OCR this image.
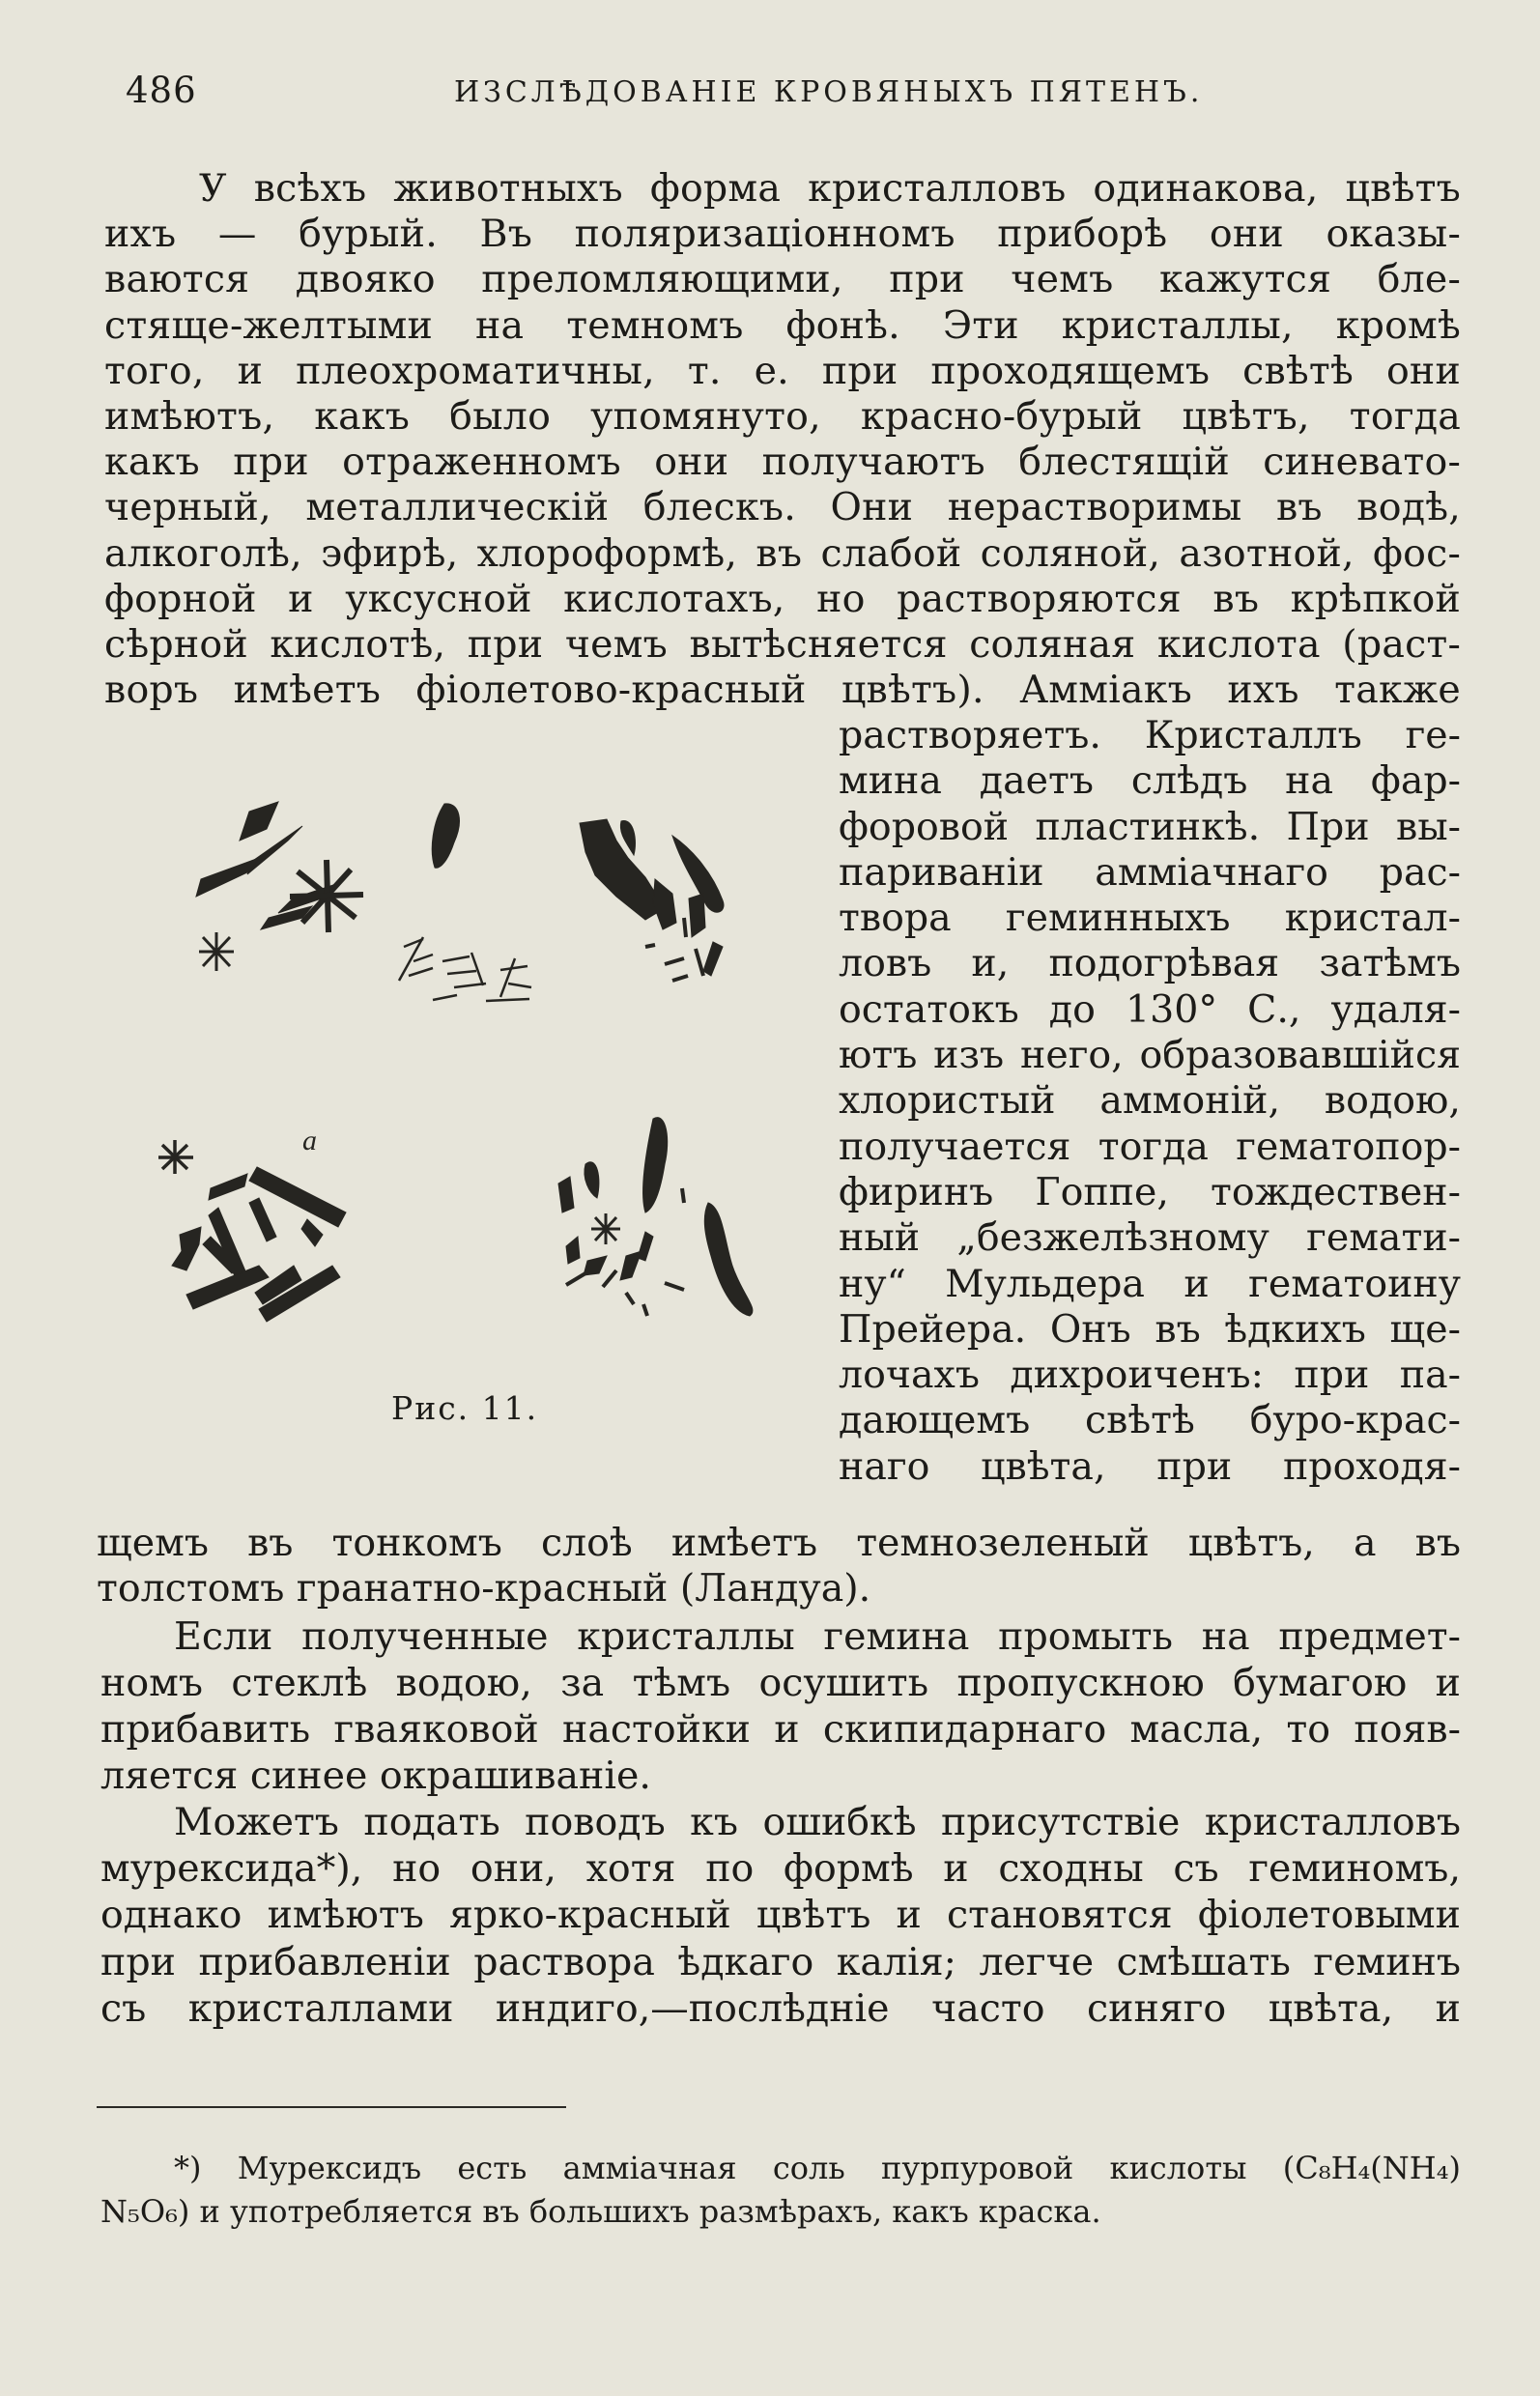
486	ИЗСЛѢДОВАНІЕ КРОВЯНЫХЪ ПЯТЕНЪ.
У всѣхъ животныхъ форма кристалловъ одинакова, цвѣтъ
ихъ — бурый. Въ поляризаціонномъ приборѣ они оказы-
ваются двояко преломляющими, при чемъ кажутся бле-
стяще-желтыми на темномъ фонѣ. Эти кристаллы, кромѣ
того, и плеохроматичны, т. е. при проходящемъ свѣтѣ они
имѣютъ, какъ было упомянуто, красно-бурый цвѣтъ, тогда
какъ при отраженномъ они получаютъ блестящій синевато-
черный, металлическій блескъ. Они нерастворимы въ водѣ,
алкоголѣ, эфирѣ, хлороформѣ, въ слабой соляной, азотной, фос-
форной и уксусной кислотахъ, но растворяются въ крѣпкой
сѣрной кислотѣ, при чемъ вытѣсняется соляная кислота (раст-
воръ имѣетъ фіолетово-красный цвѣтъ). Амміакъ ихъ также
a
Рис. 11.
растворяетъ. Кристаллъ ге-
мина даетъ слѣдъ на фар-
форовой пластинкѣ. При вы-
париваніи амміачнаго рас-
твора геминныхъ кристал-
ловъ и, подогрѣвая затѣмъ
остатокъ до 130° С., удаля-
ютъ изъ него, образовавшійся
хлористый аммоній, водою,
получается тогда гематопор-
фиринъ Гоппе, тождествен-
ный „безжелѣзному гемати-
ну“ Мульдера и гематоину
Прейера. Онъ въ ѣдкихъ ще-
лочахъ дихроиченъ: при па-
дающемъ свѣтѣ буро-крас-
наго цвѣта, при проходя-
щемъ въ тонкомъ слоѣ имѣетъ темнозеленый цвѣтъ, а въ
толстомъ гранатно-красный (Ландуа).
Если полученные кристаллы гемина промыть на предмет-
номъ стеклѣ водою, за тѣмъ осушить пропускною бумагою и
прибавить гваяковой настойки и скипидарнаго масла, то появ-
ляется синее окрашиваніе.
Можетъ подать поводъ къ ошибкѣ присутствіе кристалловъ
мурексида*), но они, хотя по формѣ и сходны съ геминомъ,
однако имѣютъ ярко-красный цвѣтъ и становятся фіолетовыми
при прибавленіи раствора ѣдкаго калія; легче смѣшать геминъ
съ кристаллами индиго,—послѣдніе часто синяго цвѣта, и
*) Мурексидъ есть амміачная соль пурпуровой кислоты (C₈H₄(NH₄)
N₅O₆) и употребляется въ большихъ размѣрахъ, какъ краска.
